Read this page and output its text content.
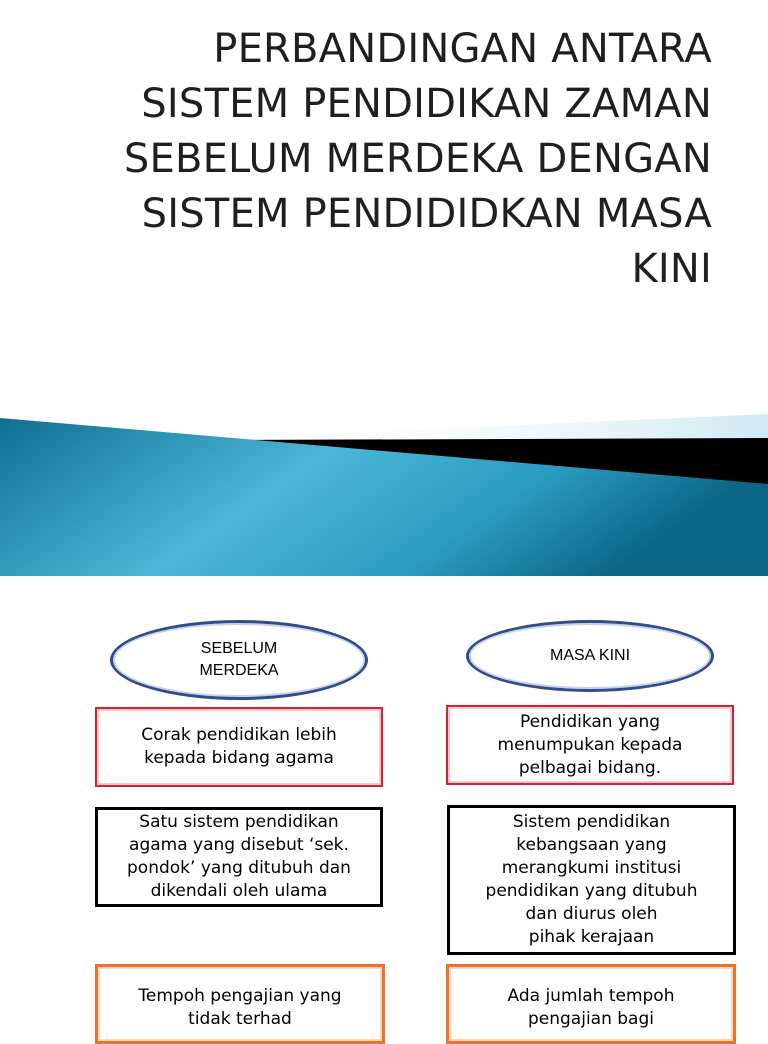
PERBANDINGAN ANTARA
SISTEM PENDIDIKAN ZAMAN
SEBELUM MERDEKA DENGAN
SISTEM PENDIDIDKAN MASA
KINI
SEBELUM
MERDEKA
MASA KINI
Corak pendidikan lebih
kepada bidang agama
Pendidikan yang
menumpukan kepada
pelbagai bidang.
Satu sistem pendidikan
agama yang disebut ‘sek.
pondok’ yang ditubuh dan
dikendali oleh ulama
Sistem pendidikan
kebangsaan yang
merangkumi institusi
pendidikan yang ditubuh
dan diurus oleh
pihak kerajaan
Tempoh pengajian yang
tidak terhad
Ada jumlah tempoh
pengajian bagi
